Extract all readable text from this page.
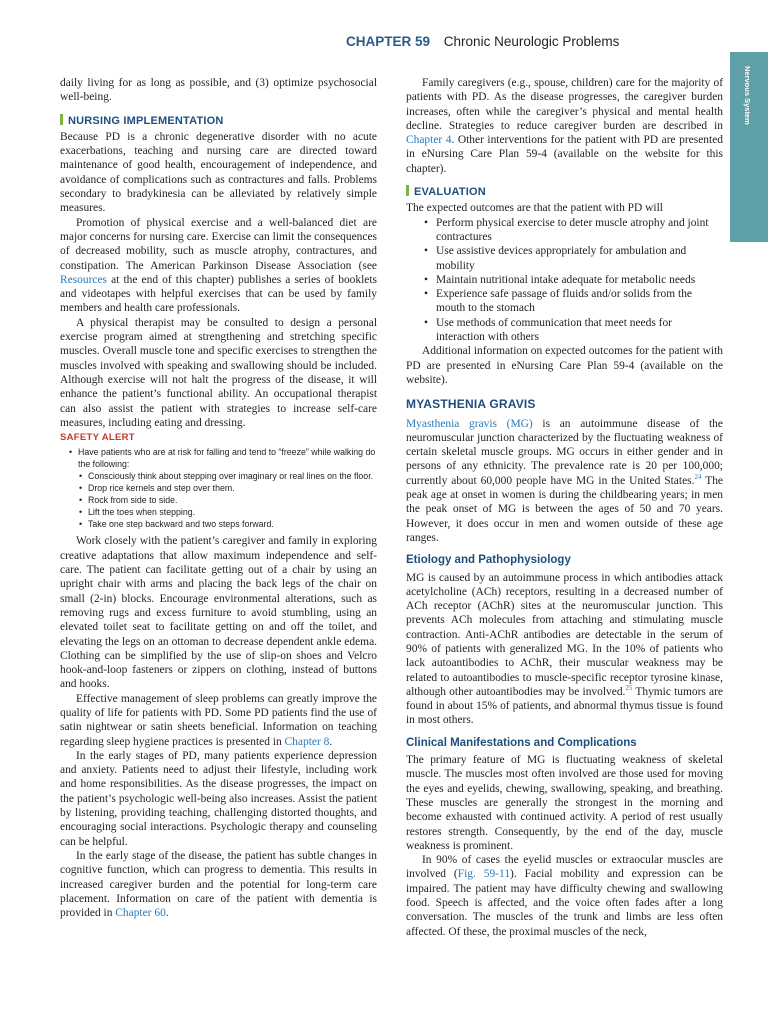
CHAPTER 59 Chronic Neurologic Problems
Nervous System

daily living for as long as possible, and (3) optimize psychosocial well-being.

NURSING IMPLEMENTATION

Because PD is a chronic degenerative disorder with no acute exacerbations, teaching and nursing care are directed toward maintenance of good health, encouragement of independence, and avoidance of complications such as contractures and falls. Problems secondary to bradykinesia can be alleviated by relatively simple measures.

Promotion of physical exercise and a well-balanced diet are major concerns for nursing care. Exercise can limit the consequences of decreased mobility, such as muscle atrophy, contractures, and constipation. The American Parkinson Disease Association (see Resources at the end of this chapter) publishes a series of booklets and videotapes with helpful exercises that can be used by family members and health care professionals.

A physical therapist may be consulted to design a personal exercise program aimed at strengthening and stretching specific muscles. Overall muscle tone and specific exercises to strengthen the muscles involved with speaking and swallowing should be included. Although exercise will not halt the progress of the disease, it will enhance the patient’s functional ability. An occupational therapist can also assist the patient with strategies to increase self-care measures, including eating and dressing.

SAFETY ALERT
• Have patients who are at risk for falling and tend to “freeze” while walking do the following:
• Consciously think about stepping over imaginary or real lines on the floor.
• Drop rice kernels and step over them.
• Rock from side to side.
• Lift the toes when stepping.
• Take one step backward and two steps forward.

Work closely with the patient’s caregiver and family in exploring creative adaptations that allow maximum independence and self-care. The patient can facilitate getting out of a chair by using an upright chair with arms and placing the back legs of the chair on small (2-in) blocks. Encourage environmental alterations, such as removing rugs and excess furniture to avoid stumbling, using an elevated toilet seat to facilitate getting on and off the toilet, and elevating the legs on an ottoman to decrease dependent ankle edema. Clothing can be simplified by the use of slip-on shoes and Velcro hook-and-loop fasteners or zippers on clothing, instead of buttons and hooks.

Effective management of sleep problems can greatly improve the quality of life for patients with PD. Some PD patients find the use of satin nightwear or satin sheets beneficial. Information on teaching regarding sleep hygiene practices is presented in Chapter 8.

In the early stages of PD, many patients experience depression and anxiety. Patients need to adjust their lifestyle, including work and home responsibilities. As the disease progresses, the impact on the patient’s psychologic well-being also increases. Assist the patient by listening, providing teaching, challenging distorted thoughts, and encouraging social interactions. Psychologic therapy and counseling can be helpful.

In the early stage of the disease, the patient has subtle changes in cognitive function, which can progress to dementia. This results in increased caregiver burden and the potential for long-term care placement. Information on care of the patient with dementia is provided in Chapter 60.

Family caregivers (e.g., spouse, children) care for the majority of patients with PD. As the disease progresses, the caregiver burden increases, often while the caregiver’s physical and mental health decline. Strategies to reduce caregiver burden are described in Chapter 4. Other interventions for the patient with PD are presented in eNursing Care Plan 59-4 (available on the website for this chapter).

EVALUATION

The expected outcomes are that the patient with PD will

• Perform physical exercise to deter muscle atrophy and joint contractures
• Use assistive devices appropriately for ambulation and mobility
• Maintain nutritional intake adequate for metabolic needs
• Experience safe passage of fluids and/or solids from the mouth to the stomach
• Use methods of communication that meet needs for interaction with others

Additional information on expected outcomes for the patient with PD are presented in eNursing Care Plan 59-4 (available on the website).

MYASTHENIA GRAVIS

Myasthenia gravis (MG) is an autoimmune disease of the neuromuscular junction characterized by the fluctuating weakness of certain skeletal muscle groups. MG occurs in either gender and in persons of any ethnicity. The prevalence rate is 20 per 100,000; currently about 60,000 people have MG in the United States.$^{24}$ The peak age at onset in women is during the childbearing years; in men the peak onset of MG is between the ages of 50 and 70 years. However, it does occur in men and women outside of these age ranges.

Etiology and Pathophysiology

MG is caused by an autoimmune process in which antibodies attack acetylcholine (ACh) receptors, resulting in a decreased number of ACh receptor (AChR) sites at the neuromuscular junction. This prevents ACh molecules from attaching and stimulating muscle contraction. Anti-AChR antibodies are detectable in the serum of 90% of patients with generalized MG. In the 10% of patients who lack autoantibodies to AChR, their muscular weakness may be related to autoantibodies to muscle-specific receptor tyrosine kinase, although other autoantibodies may be involved.$^{25}$ Thymic tumors are found in about 15% of patients, and abnormal thymus tissue is found in most others.

Clinical Manifestations and Complications

The primary feature of MG is fluctuating weakness of skeletal muscle. The muscles most often involved are those used for moving the eyes and eyelids, chewing, swallowing, speaking, and breathing. These muscles are generally the strongest in the morning and become exhausted with continued activity. A period of rest usually restores strength. Consequently, by the end of the day, muscle weakness is prominent.

In 90% of cases the eyelid muscles or extraocular muscles are involved (Fig. 59-11). Facial mobility and expression can be impaired. The patient may have difficulty chewing and swallowing food. Speech is affected, and the voice often fades after a long conversation. The muscles of the trunk and limbs are less often affected. Of these, the proximal muscles of the neck,
